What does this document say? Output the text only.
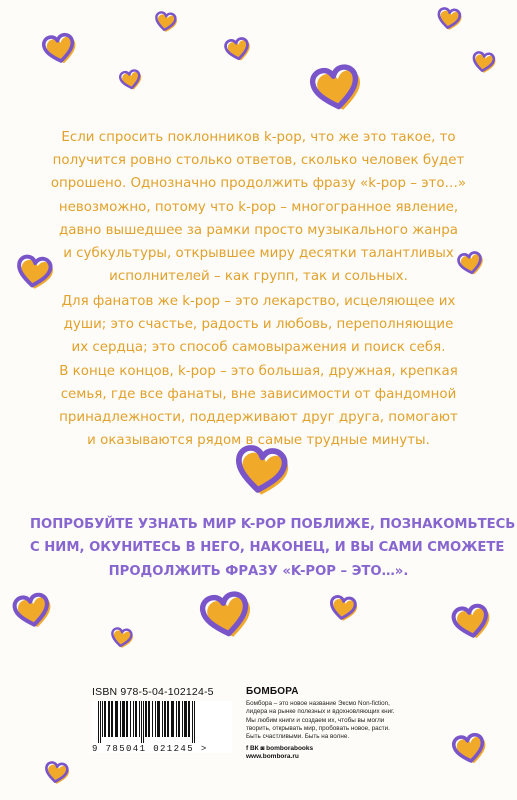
Если спросить поклонников k-pop, что же это такое, то
получится ровно столько ответов, сколько человек будет
опрошено. Однозначно продолжить фразу «k-pop – это…»
невозможно, потому что k-pop – многогранное явление,
давно вышедшее за рамки просто музыкального жанра
и субкультуры, открывшее миру десятки талантливых
исполнителей – как групп, так и сольных.

Для фанатов же k-pop – это лекарство, исцеляющее их
души; это счастье, радость и любовь, переполняющие
их сердца; это способ самовыражения и поиск себя.
В конце концов, k-pop – это большая, дружная, крепкая
семья, где все фанаты, вне зависимости от фандомной
принадлежности, поддерживают друг друга, помогают
и оказываются рядом в самые трудные минуты.

ПОПРОБУЙТЕ УЗНАТЬ МИР K-POP ПОБЛИЖЕ, ПОЗНАКОМЬТЕСЬ
С НИМ, ОКУНИТЕСЬ В НЕГО, НАКОНЕЦ, И ВЫ САМИ СМОЖЕТЕ
ПРОДОЛЖИТЬ ФРАЗУ «K-POP – ЭТО…».

ISBN 978-5-04-102124-5

9 785041 021245 >

БОМБОРА

Бомбора – это новое название Эксмо Non-fiction,
лидера на рынке полезных и вдохновляющих книг.
Мы любим книги и создаем их, чтобы вы могли
творить, открывать мир, пробовать новое, расти.
Быть счастливыми. Быть на волне.

f ВК ◙ bomborabooks

www.bombora.ru
